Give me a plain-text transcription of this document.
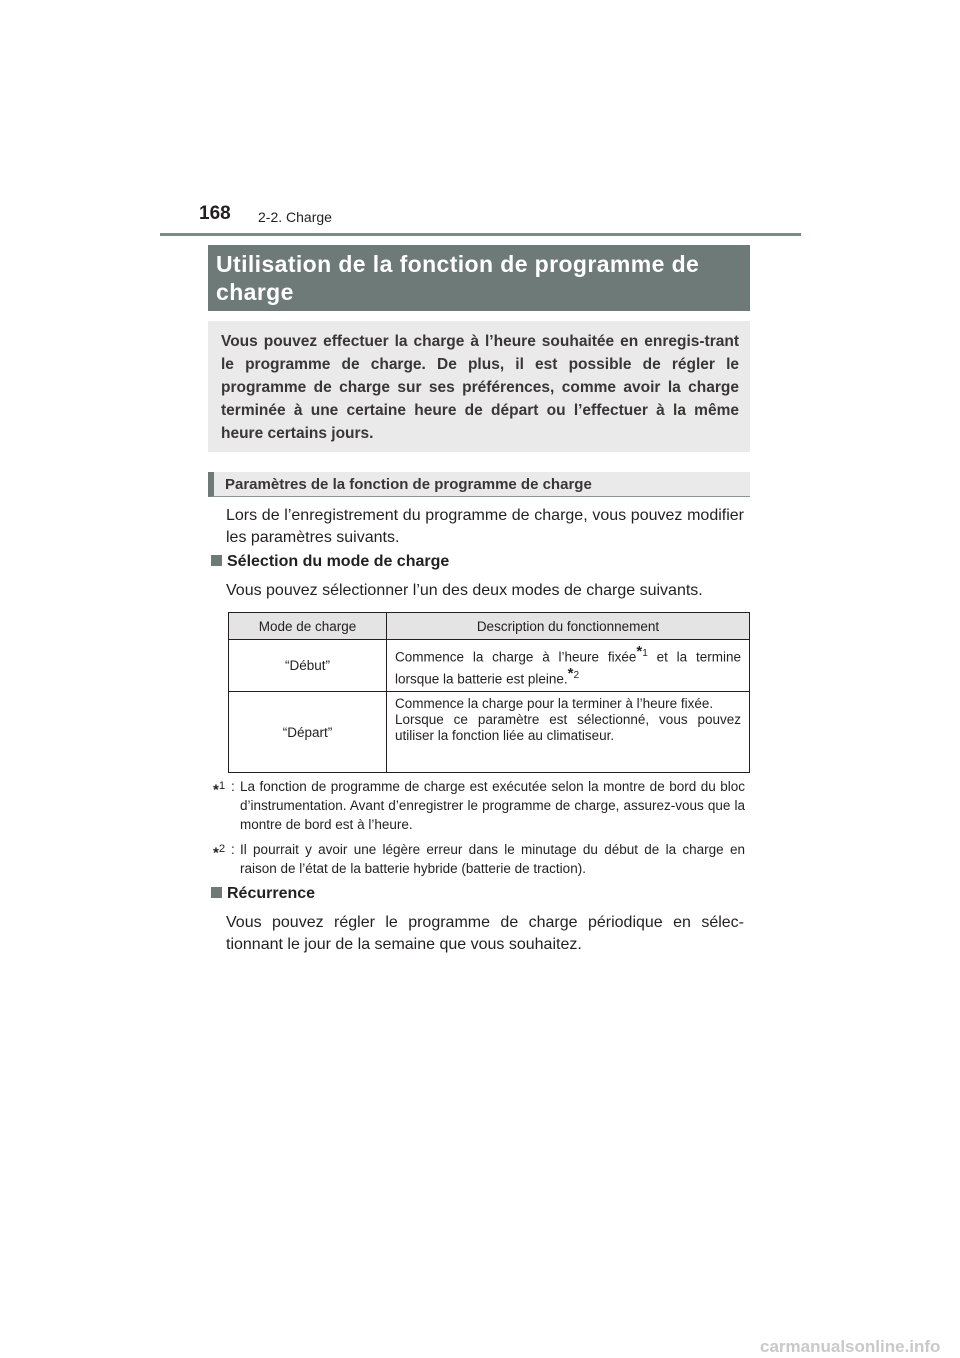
168 2-2. Charge
Utilisation de la fonction de programme de charge
Vous pouvez effectuer la charge à l’heure souhaitée en enregis-trant le programme de charge. De plus, il est possible de régler le programme de charge sur ses préférences, comme avoir la charge terminée à une certaine heure de départ ou l’effectuer à la même heure certains jours.
Paramètres de la fonction de programme de charge
Lors de l’enregistrement du programme de charge, vous pouvez modifier les paramètres suivants.
Sélection du mode de charge
Vous pouvez sélectionner l’un des deux modes de charge suivants.
Mode de charge	Description du fonctionnement
“Début”	Commence la charge à l’heure fixée$^{*1}$ et la termine lorsque la batterie est pleine.$^{*2}$
“Départ”	Commence la charge pour la terminer à l’heure fixée.
Lorsque ce paramètre est sélectionné, vous pouvez utiliser la fonction liée au climatiseur.
*$^1$ : La fonction de programme de charge est exécutée selon la montre de bord du bloc d’instrumentation. Avant d’enregistrer le programme de charge, assurez-vous que la montre de bord est à l’heure.
*$^2$ : Il pourrait y avoir une légère erreur dans le minutage du début de la charge en raison de l’état de la batterie hybride (batterie de traction).
Récurrence
Vous pouvez régler le programme de charge périodique en sélec-tionnant le jour de la semaine que vous souhaitez.
carmanualsonline.info
